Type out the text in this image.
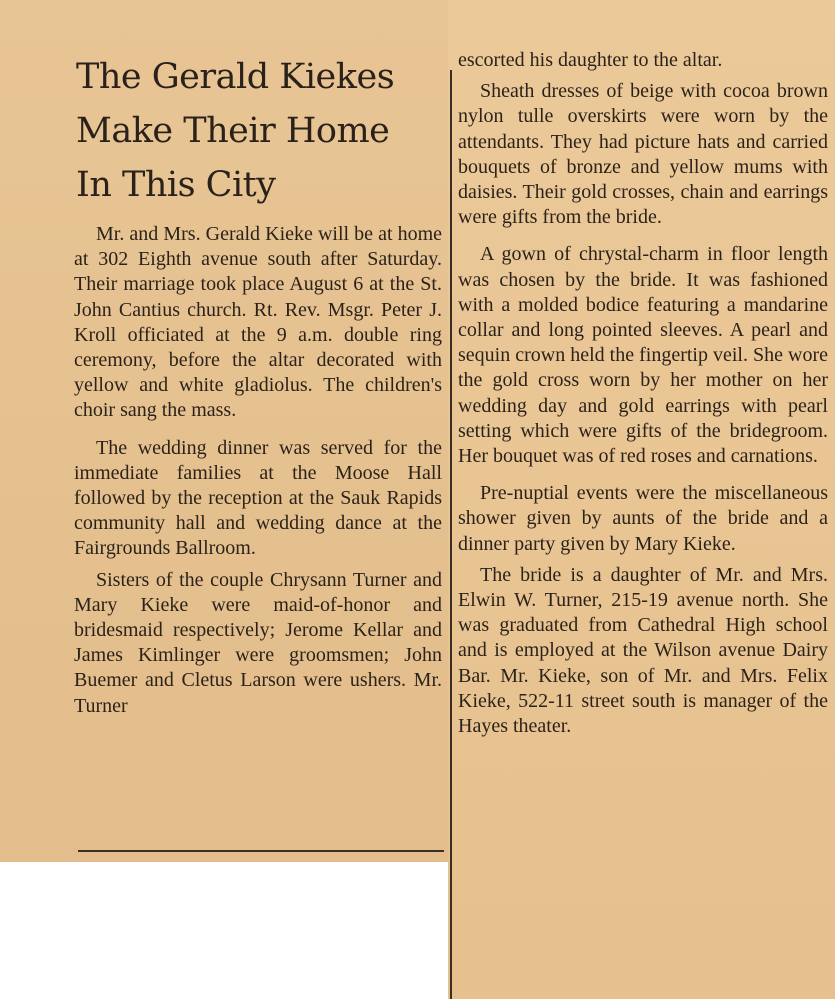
The Gerald Kiekes
Make Their Home
In This City

Mr. and Mrs. Gerald Kieke will be at home at 302 Eighth avenue south after Saturday. Their marriage took place August 6 at the St. John Cantius church. Rt. Rev. Msgr. Peter J. Kroll officiated at the 9 a.m. double ring ceremony, before the altar decorated with yellow and white gladiolus. The children's choir sang the mass.

The wedding dinner was served for the immediate families at the Moose Hall followed by the reception at the Sauk Rapids community hall and wedding dance at the Fairgrounds Ballroom.

Sisters of the couple Chrysann Turner and Mary Kieke were maid-of-honor and bridesmaid respectively; Jerome Kellar and James Kimlinger were groomsmen; John Buemer and Cletus Larson were ushers. Mr. Turner

escorted his daughter to the altar.

Sheath dresses of beige with cocoa brown nylon tulle overskirts were worn by the attendants. They had picture hats and carried bouquets of bronze and yellow mums with daisies. Their gold crosses, chain and earrings were gifts from the bride.

A gown of chrystal-charm in floor length was chosen by the bride. It was fashioned with a molded bodice featuring a mandarine collar and long pointed sleeves. A pearl and sequin crown held the fingertip veil. She wore the gold cross worn by her mother on her wedding day and gold earrings with pearl setting which were gifts of the bridegroom. Her bouquet was of red roses and carnations.

Pre-nuptial events were the miscellaneous shower given by aunts of the bride and a dinner party given by Mary Kieke.

The bride is a daughter of Mr. and Mrs. Elwin W. Turner, 215-19 avenue north. She was graduated from Cathedral High school and is employed at the Wilson avenue Dairy Bar. Mr. Kieke, son of Mr. and Mrs. Felix Kieke, 522-11 street south is manager of the Hayes theater.
